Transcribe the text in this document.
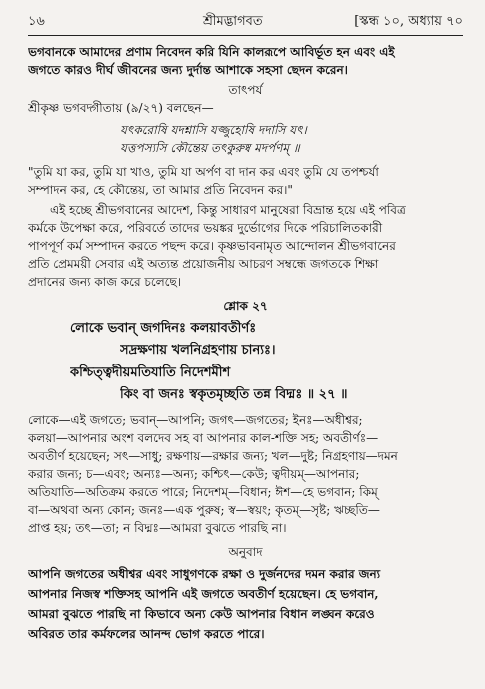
১৬	শ্রীমদ্ভাগবত	[স্কন্ধ ১০, অধ্যায় ৭০
ভগবানকে আমাদের প্রণাম নিবেদন করি যিনি কালরূপে আবির্ভূত হন এবং এই
জগতে কারও দীর্ঘ জীবনের জন্য দুর্দান্ত আশাকে সহসা ছেদন করেন।
তাৎপর্য
শ্রীকৃষ্ণ ভগবদ্গীতায় (৯/২৭) বলছেন—
যৎকরোষি যদশ্নাসি যজ্জুহোষি দদাসি যৎ।
যত্তপস্যসি কৌন্তেয় তৎকুরুষ্ব মদর্পণম্ ॥
"তুমি যা কর, তুমি যা খাও, তুমি যা অর্পণ বা দান কর এবং তুমি যে তপশ্চর্যা
সম্পাদন কর, হে কৌন্তেয়, তা আমার প্রতি নিবেদন কর।"
এই হচ্ছে শ্রীভগবানের আদেশ, কিন্তু সাধারণ মানুষেরা বিভ্রান্ত হয়ে এই পবিত্র
কর্মকে উপেক্ষা করে, পরিবর্তে তাদের ভয়ঙ্কর দুর্ভোগের দিকে পরিচালিতকারী
পাপপূর্ণ কর্ম সম্পাদন করতে পছন্দ করে। কৃষ্ণভাবনামৃত আন্দোলন শ্রীভগবানের
প্রতি প্রেমময়ী সেবার এই অত্যন্ত প্রয়োজনীয় আচরণ সম্বন্ধে জগতকে শিক্ষা
প্রদানের জন্য কাজ করে চলেছে।
শ্লোক ২৭
লোকে ভবান্ জগদিনঃ কলয়াবতীর্ণঃ
সদ্রক্ষণায় খলনিগ্রহণায় চান্যঃ।
কশ্চিত্ত্বদীয়মতিযাতি নিদেশমীশ
কিং বা জনঃ স্বকৃতমৃচ্ছতি তন্ন বিদ্মঃ ॥ ২৭ ॥
লোকে—এই জগতে; ভবান্—আপনি; জগৎ—জগতের; ইনঃ—অধীশ্বর;
কলয়া—আপনার অংশ বলদেব সহ বা আপনার কাল-শক্তি সহ; অবতীর্ণঃ—
অবতীর্ণ হয়েছেন; সৎ—সাধু; রক্ষণায়—রক্ষার জন্য; খল—দুষ্ট; নিগ্রহণায়—দমন
করার জন্য; চ—এবং; অন্যঃ—অন্য; কশ্চিৎ—কেউ; ত্বদীয়ম্—আপনার;
অতিযাতি—অতিক্রম করতে পারে; নিদেশম্—বিধান; ঈশ—হে ভগবান; কিম্
বা—অথবা অন্য কোন; জনঃ—এক পুরুষ; স্ব—স্বয়ং; কৃতম্—সৃষ্ট; ঋচ্ছতি—
প্রাপ্ত হয়; তৎ—তা; ন বিদ্মঃ—আমরা বুঝতে পারছি না।
অনুবাদ
আপনি জগতের অধীশ্বর এবং সাধুগণকে রক্ষা ও দুর্জনদের দমন করার জন্য
আপনার নিজস্ব শক্তিসহ আপনি এই জগতে অবতীর্ণ হয়েছেন। হে ভগবান,
আমরা বুঝতে পারছি না কিভাবে অন্য কেউ আপনার বিধান লঙ্ঘন করেও
অবিরত তার কর্মফলের আনন্দ ভোগ করতে পারে।
